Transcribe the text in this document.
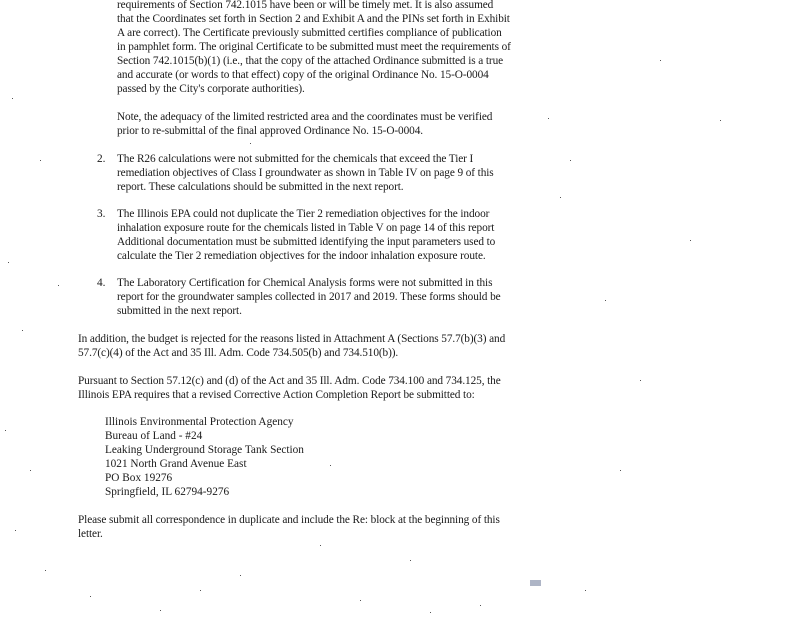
requirements of Section 742.1015 have been or will be timely met. It is also assumed
that the Coordinates set forth in Section 2 and Exhibit A and the PINs set forth in Exhibit
A are correct). The Certificate previously submitted certifies compliance of publication
in pamphlet form. The original Certificate to be submitted must meet the requirements of
Section 742.1015(b)(1) (i.e., that the copy of the attached Ordinance submitted is a true
and accurate (or words to that effect) copy of the original Ordinance No. 15-O-0004
passed by the City's corporate authorities).
Note, the adequacy of the limited restricted area and the coordinates must be verified
prior to re-submittal of the final approved Ordinance No. 15-O-0004.
2. The R26 calculations were not submitted for the chemicals that exceed the Tier I
remediation objectives of Class I groundwater as shown in Table IV on page 9 of this
report. These calculations should be submitted in the next report.
3. The Illinois EPA could not duplicate the Tier 2 remediation objectives for the indoor
inhalation exposure route for the chemicals listed in Table V on page 14 of this report
Additional documentation must be submitted identifying the input parameters used to
calculate the Tier 2 remediation objectives for the indoor inhalation exposure route.
4. The Laboratory Certification for Chemical Analysis forms were not submitted in this
report for the groundwater samples collected in 2017 and 2019. These forms should be
submitted in the next report.
In addition, the budget is rejected for the reasons listed in Attachment A (Sections 57.7(b)(3) and
57.7(c)(4) of the Act and 35 Ill. Adm. Code 734.505(b) and 734.510(b)).
Pursuant to Section 57.12(c) and (d) of the Act and 35 Ill. Adm. Code 734.100 and 734.125, the
Illinois EPA requires that a revised Corrective Action Completion Report be submitted to:
Illinois Environmental Protection Agency
Bureau of Land - #24
Leaking Underground Storage Tank Section
1021 North Grand Avenue East
PO Box 19276
Springfield, IL 62794-9276
Please submit all correspondence in duplicate and include the Re: block at the beginning of this
letter.
